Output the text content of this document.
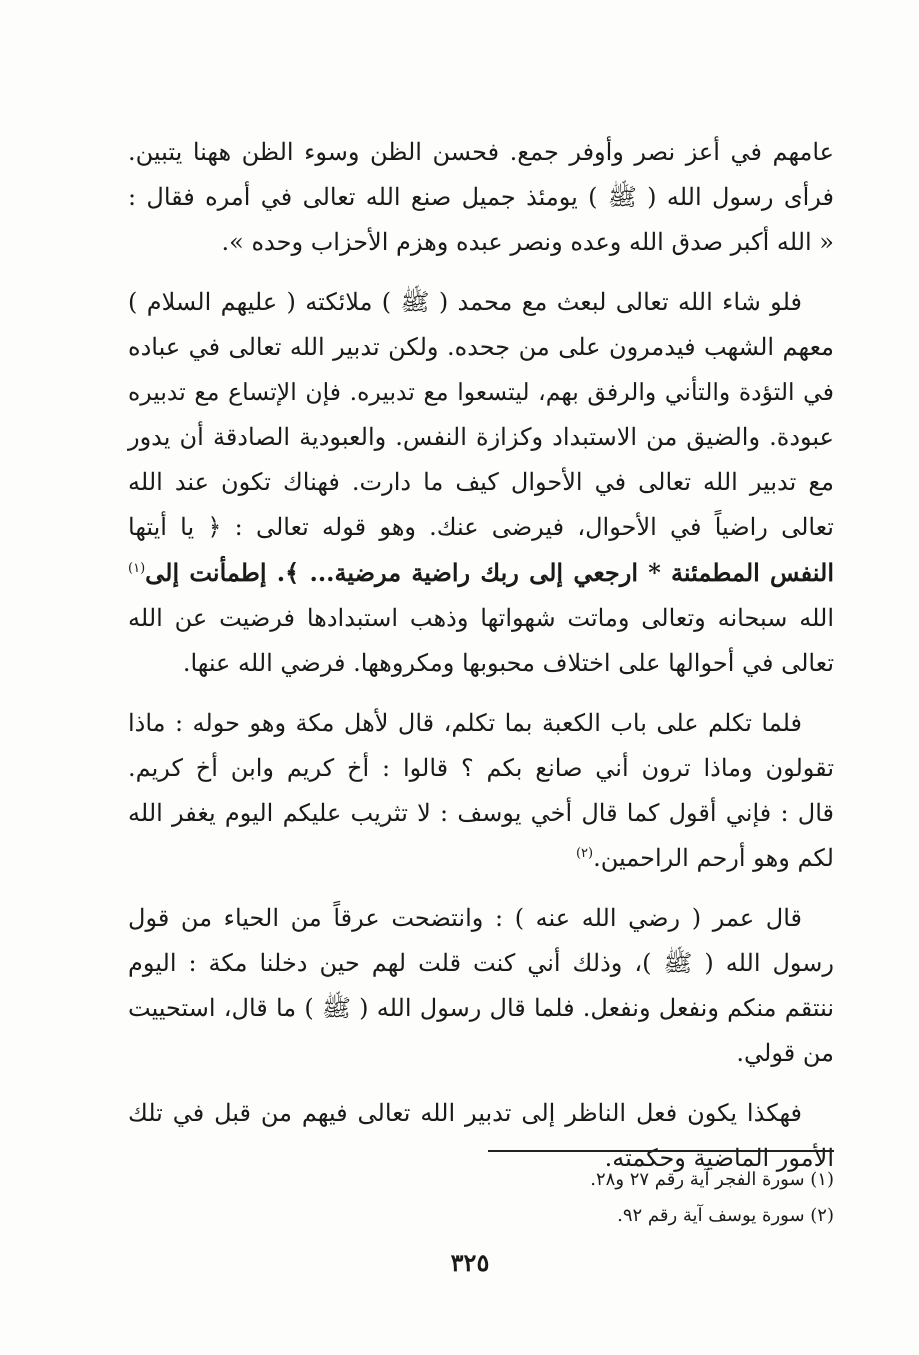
عامهم في أعز نصر وأوفر جمع. فحسن الظن وسوء الظن ههنا يتبين.
فرأى رسول الله ( ﷺ ) يومئذ جميل صنع الله تعالى في أمره فقال :
« الله أكبر صدق الله وعده ونصر عبده وهزم الأحزاب وحده ».

فلو شاء الله تعالى لبعث مع محمد ( ﷺ ) ملائكته ( عليهم السلام )
معهم الشهب فيدمرون على من جحده. ولكن تدبير الله تعالى في عباده
في التؤدة والتأني والرفق بهم، ليتسعوا مع تدبيره. فإن الإتساع مع تدبيره
عبودة. والضيق من الاستبداد وكزازة النفس. والعبودية الصادقة أن يدور
مع تدبير الله تعالى في الأحوال كيف ما دارت. فهناك تكون عند الله
تعالى راضياً في الأحوال، فيرضى عنك. وهو قوله تعالى : ﴿ يا أيتها
النفس المطمئنة * ارجعي إلى ربك راضية مرضية... ﴾. إطمأنت إلى$^{(١)}$
الله سبحانه وتعالى وماتت شهواتها وذهب استبدادها فرضيت عن الله
تعالى في أحوالها على اختلاف محبوبها ومكروهها. فرضي الله عنها.

فلما تكلم على باب الكعبة بما تكلم، قال لأهل مكة وهو حوله : ماذا
تقولون وماذا ترون أني صانع بكم ؟ قالوا : أخ كريم وابن أخ كريم.
قال : فإني أقول كما قال أخي يوسف : لا تثريب عليكم اليوم يغفر الله
لكم وهو أرحم الراحمين.$^{(٢)}$

قال عمر ( رضي الله عنه ) : وانتضحت عرقاً من الحياء من قول
رسول الله ( ﷺ )، وذلك أني كنت قلت لهم حين دخلنا مكة : اليوم
ننتقم منكم ونفعل ونفعل. فلما قال رسول الله ( ﷺ ) ما قال، استحييت
من قولي.

فهكذا يكون فعل الناظر إلى تدبير الله تعالى فيهم من قبل في تلك
الأمور الماضية وحكمته.

(١) سورة الفجر آية رقم ٢٧ و٢٨.
(٢) سورة يوسف آية رقم ٩٢.
٣٢٥
